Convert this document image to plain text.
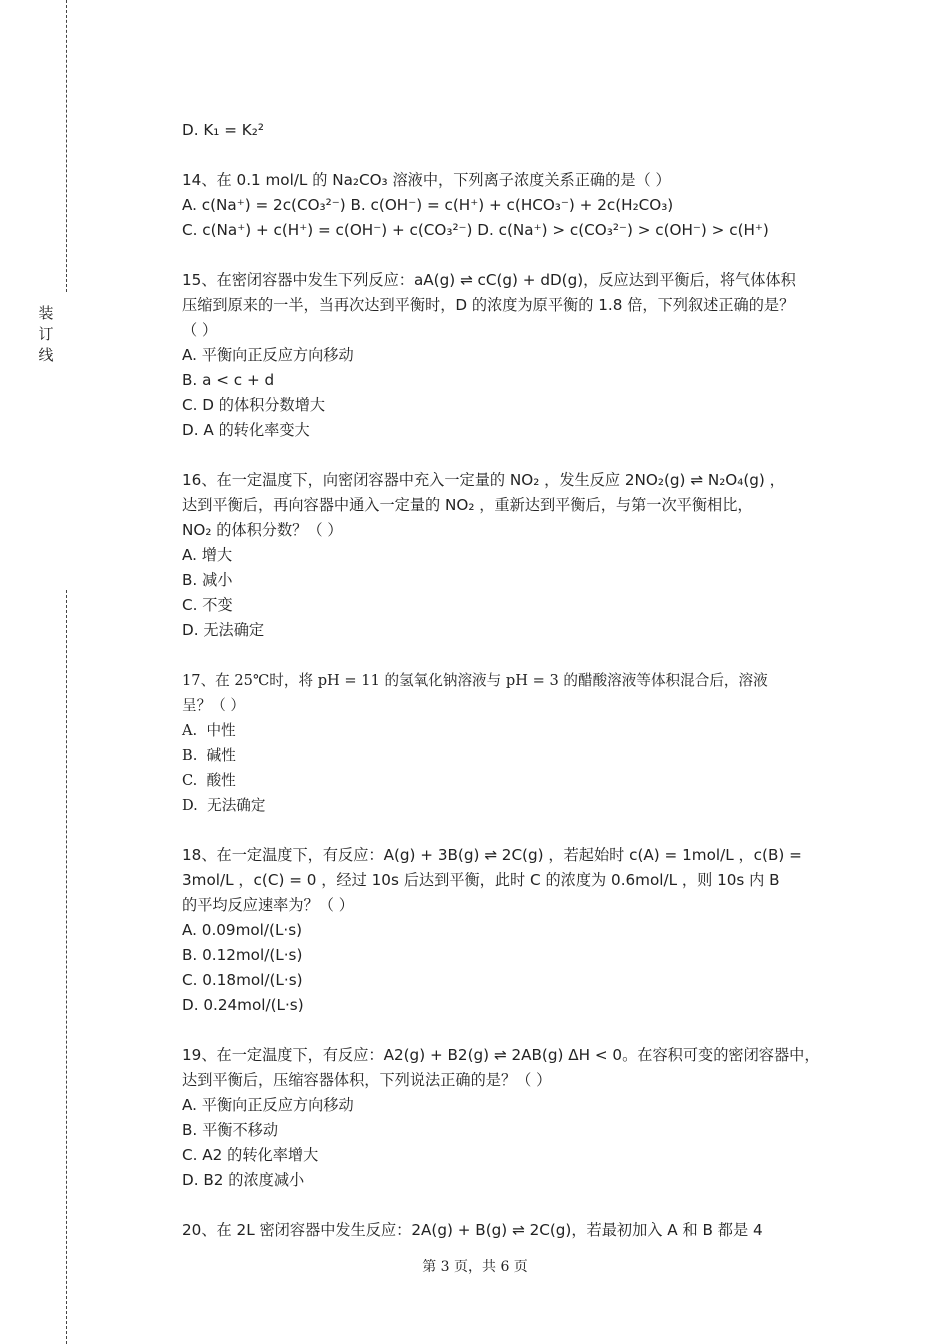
装订线
D. K₁ = K₂²
14、在 0.1 mol/L 的 Na₂CO₃ 溶液中，下列离子浓度关系正确的是（ ）
A. c(Na⁺) = 2c(CO₃²⁻) B. c(OH⁻) = c(H⁺) + c(HCO₃⁻) + 2c(H₂CO₃)
C. c(Na⁺) + c(H⁺) = c(OH⁻) + c(CO₃²⁻) D. c(Na⁺) > c(CO₃²⁻) > c(OH⁻) > c(H⁺)
15、在密闭容器中发生下列反应：aA(g) ⇌ cC(g) + dD(g)，反应达到平衡后，将气体体积
压缩到原来的一半，当再次达到平衡时，D 的浓度为原平衡的 1.8 倍，下列叙述正确的是？
（ ）
A. 平衡向正反应方向移动
B. a < c + d
C. D 的体积分数增大
D. A 的转化率变大
16、在一定温度下，向密闭容器中充入一定量的 NO₂ ，发生反应 2NO₂(g) ⇌ N₂O₄(g) ，
达到平衡后，再向容器中通入一定量的 NO₂ ，重新达到平衡后，与第一次平衡相比，
NO₂ 的体积分数？（ ）
A. 增大
B. 减小
C. 不变
D. 无法确定
17、在 25℃时，将 pH = 11 的氢氧化钠溶液与 pH = 3 的醋酸溶液等体积混合后，溶液
呈？（ ）
A.  中性
B.  碱性
C.  酸性
D.  无法确定
18、在一定温度下，有反应：A(g) + 3B(g) ⇌ 2C(g) ，若起始时 c(A) = 1mol/L ，c(B) =
3mol/L ，c(C) = 0 ，经过 10s 后达到平衡，此时 C 的浓度为 0.6mol/L ，则 10s 内 B
的平均反应速率为？（ ）
A. 0.09mol/(L·s)
B. 0.12mol/(L·s)
C. 0.18mol/(L·s)
D. 0.24mol/(L·s)
19、在一定温度下，有反应：A2(g) + B2(g) ⇌ 2AB(g) ΔH < 0。在容积可变的密闭容器中，
达到平衡后，压缩容器体积，下列说法正确的是？（ ）
A. 平衡向正反应方向移动
B. 平衡不移动
C. A2 的转化率增大
D. B2 的浓度减小
20、在 2L 密闭容器中发生反应：2A(g) + B(g) ⇌ 2C(g)，若最初加入 A 和 B 都是 4
第 3 页，共 6 页
